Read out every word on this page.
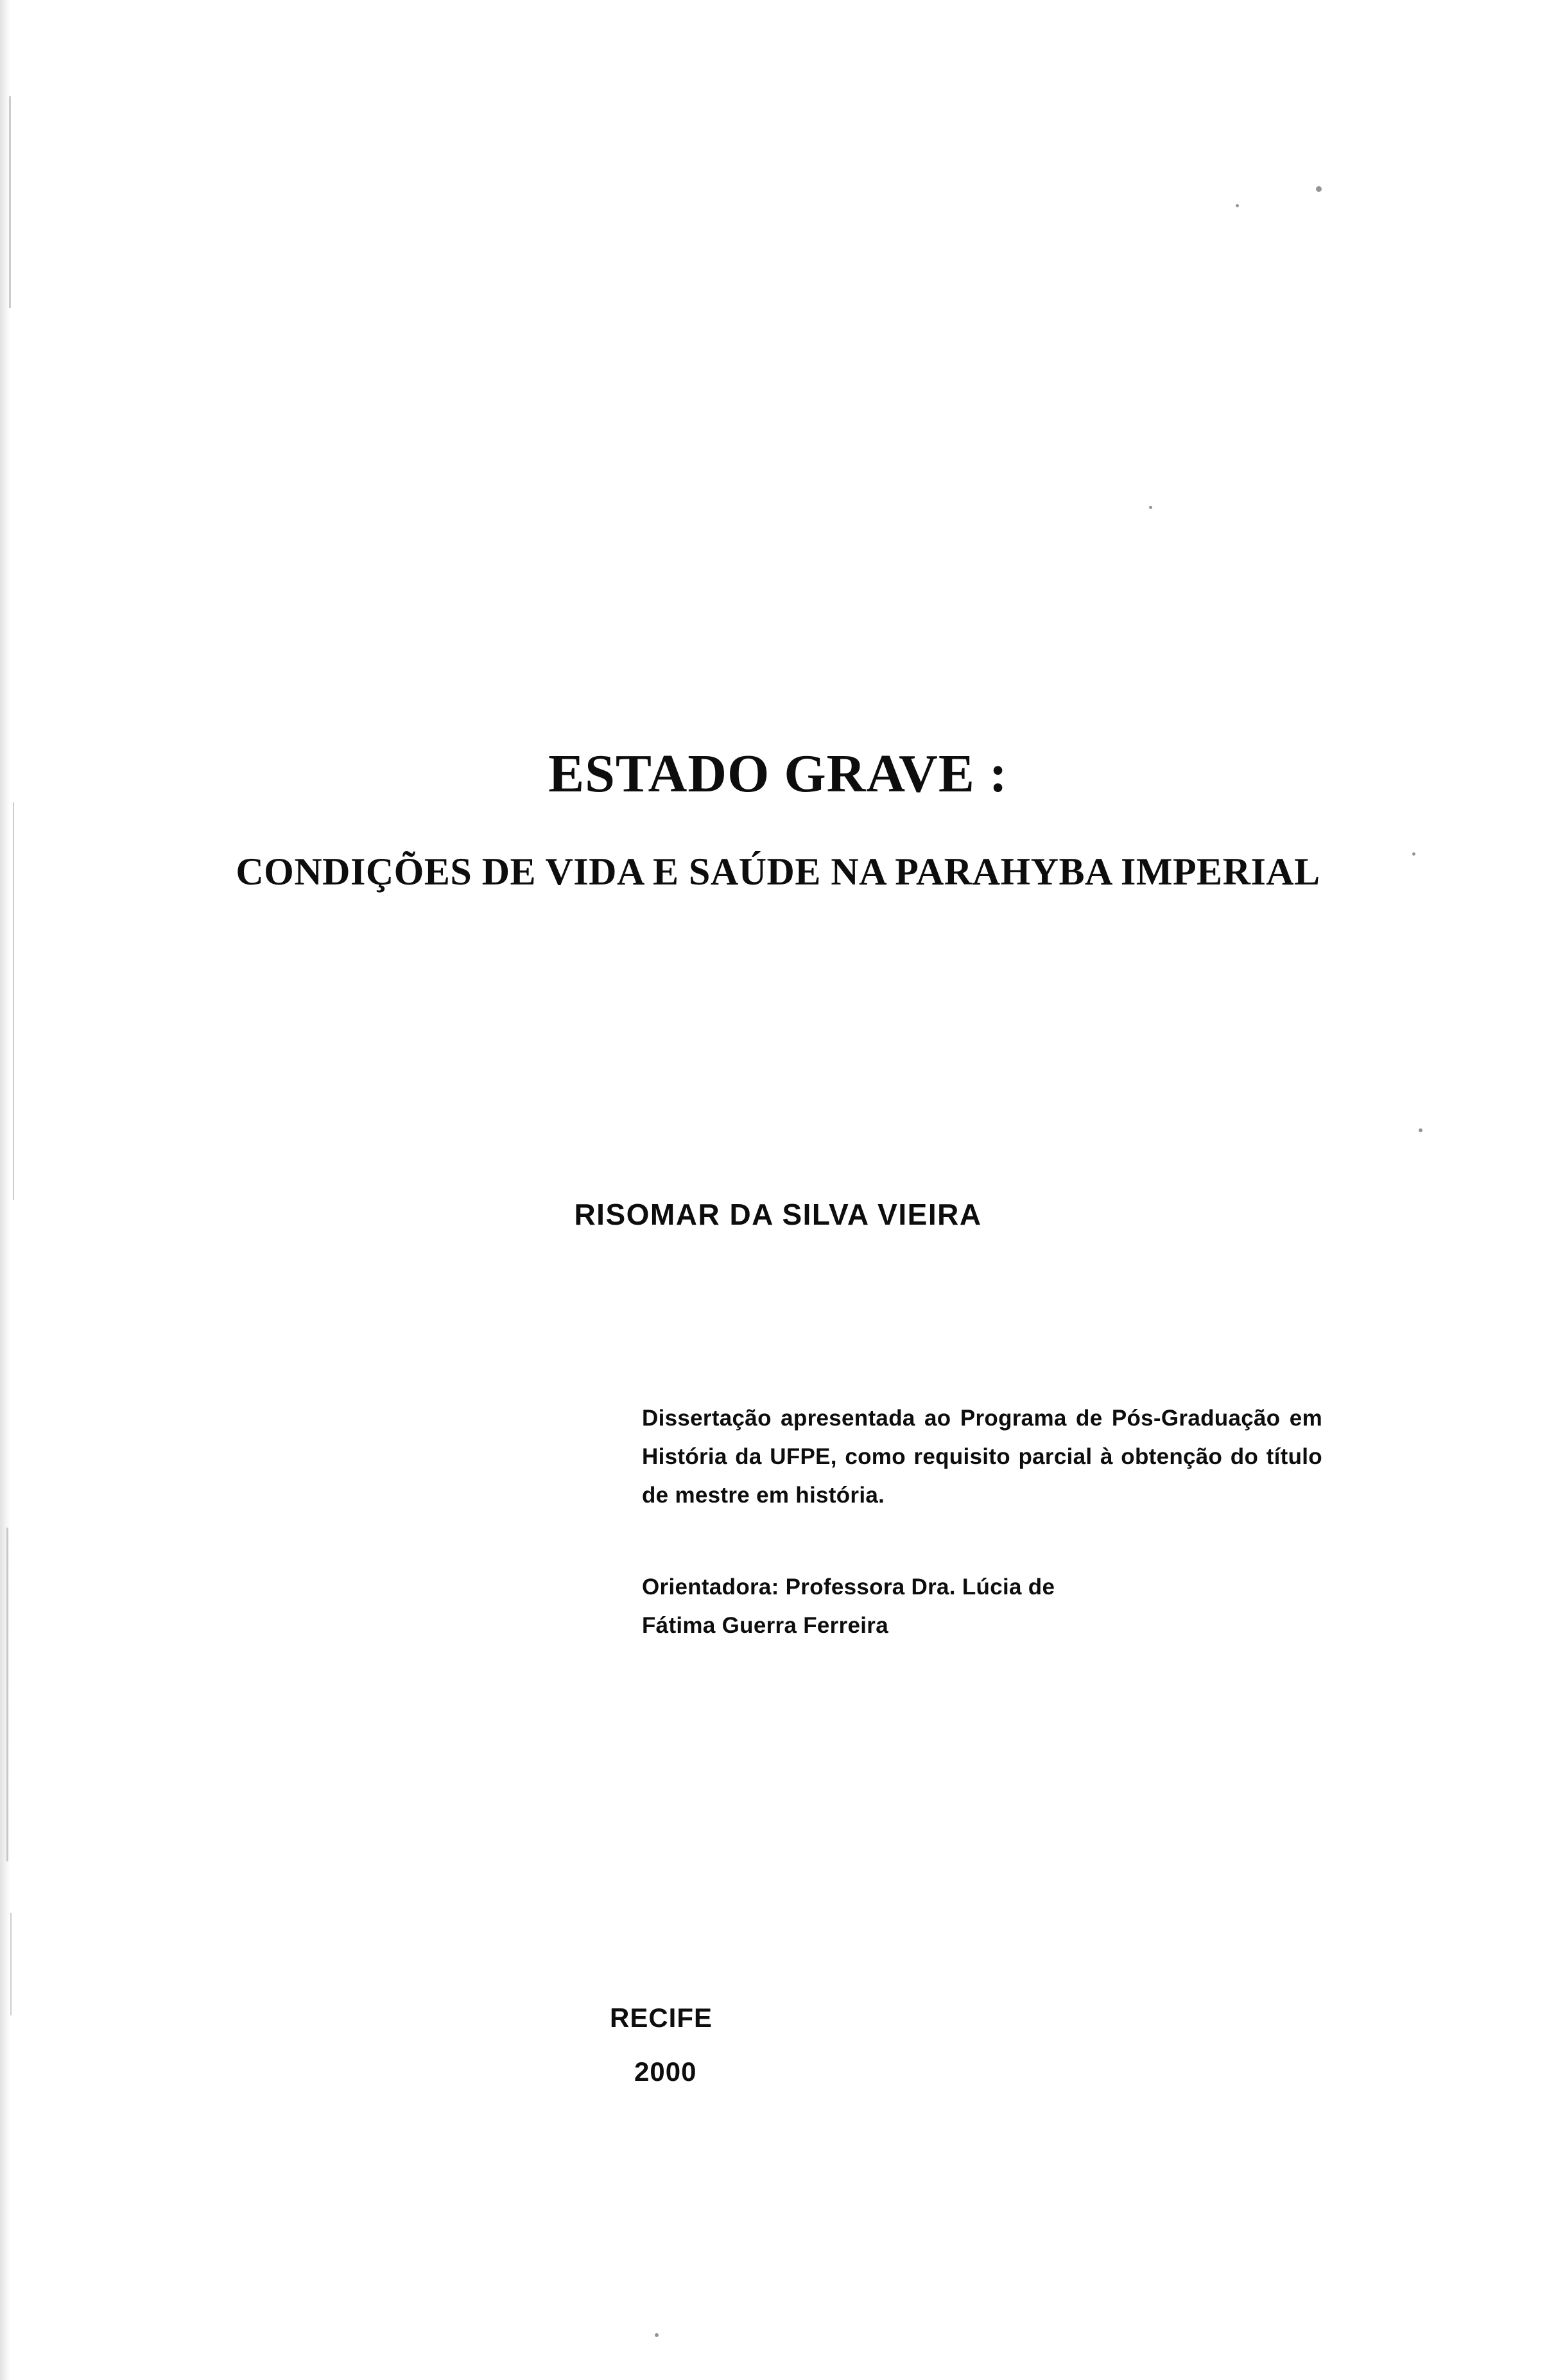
ESTADO GRAVE :
CONDIÇÕES DE VIDA E SAÚDE NA PARAHYBA IMPERIAL
RISOMAR DA SILVA VIEIRA

Dissertação apresentada ao Programa de Pós-Graduação em História da UFPE, como requisito parcial à obtenção do título de mestre em história.

Orientadora: Professora Dra. Lúcia de
Fátima Guerra Ferreira

RECIFE

2000
